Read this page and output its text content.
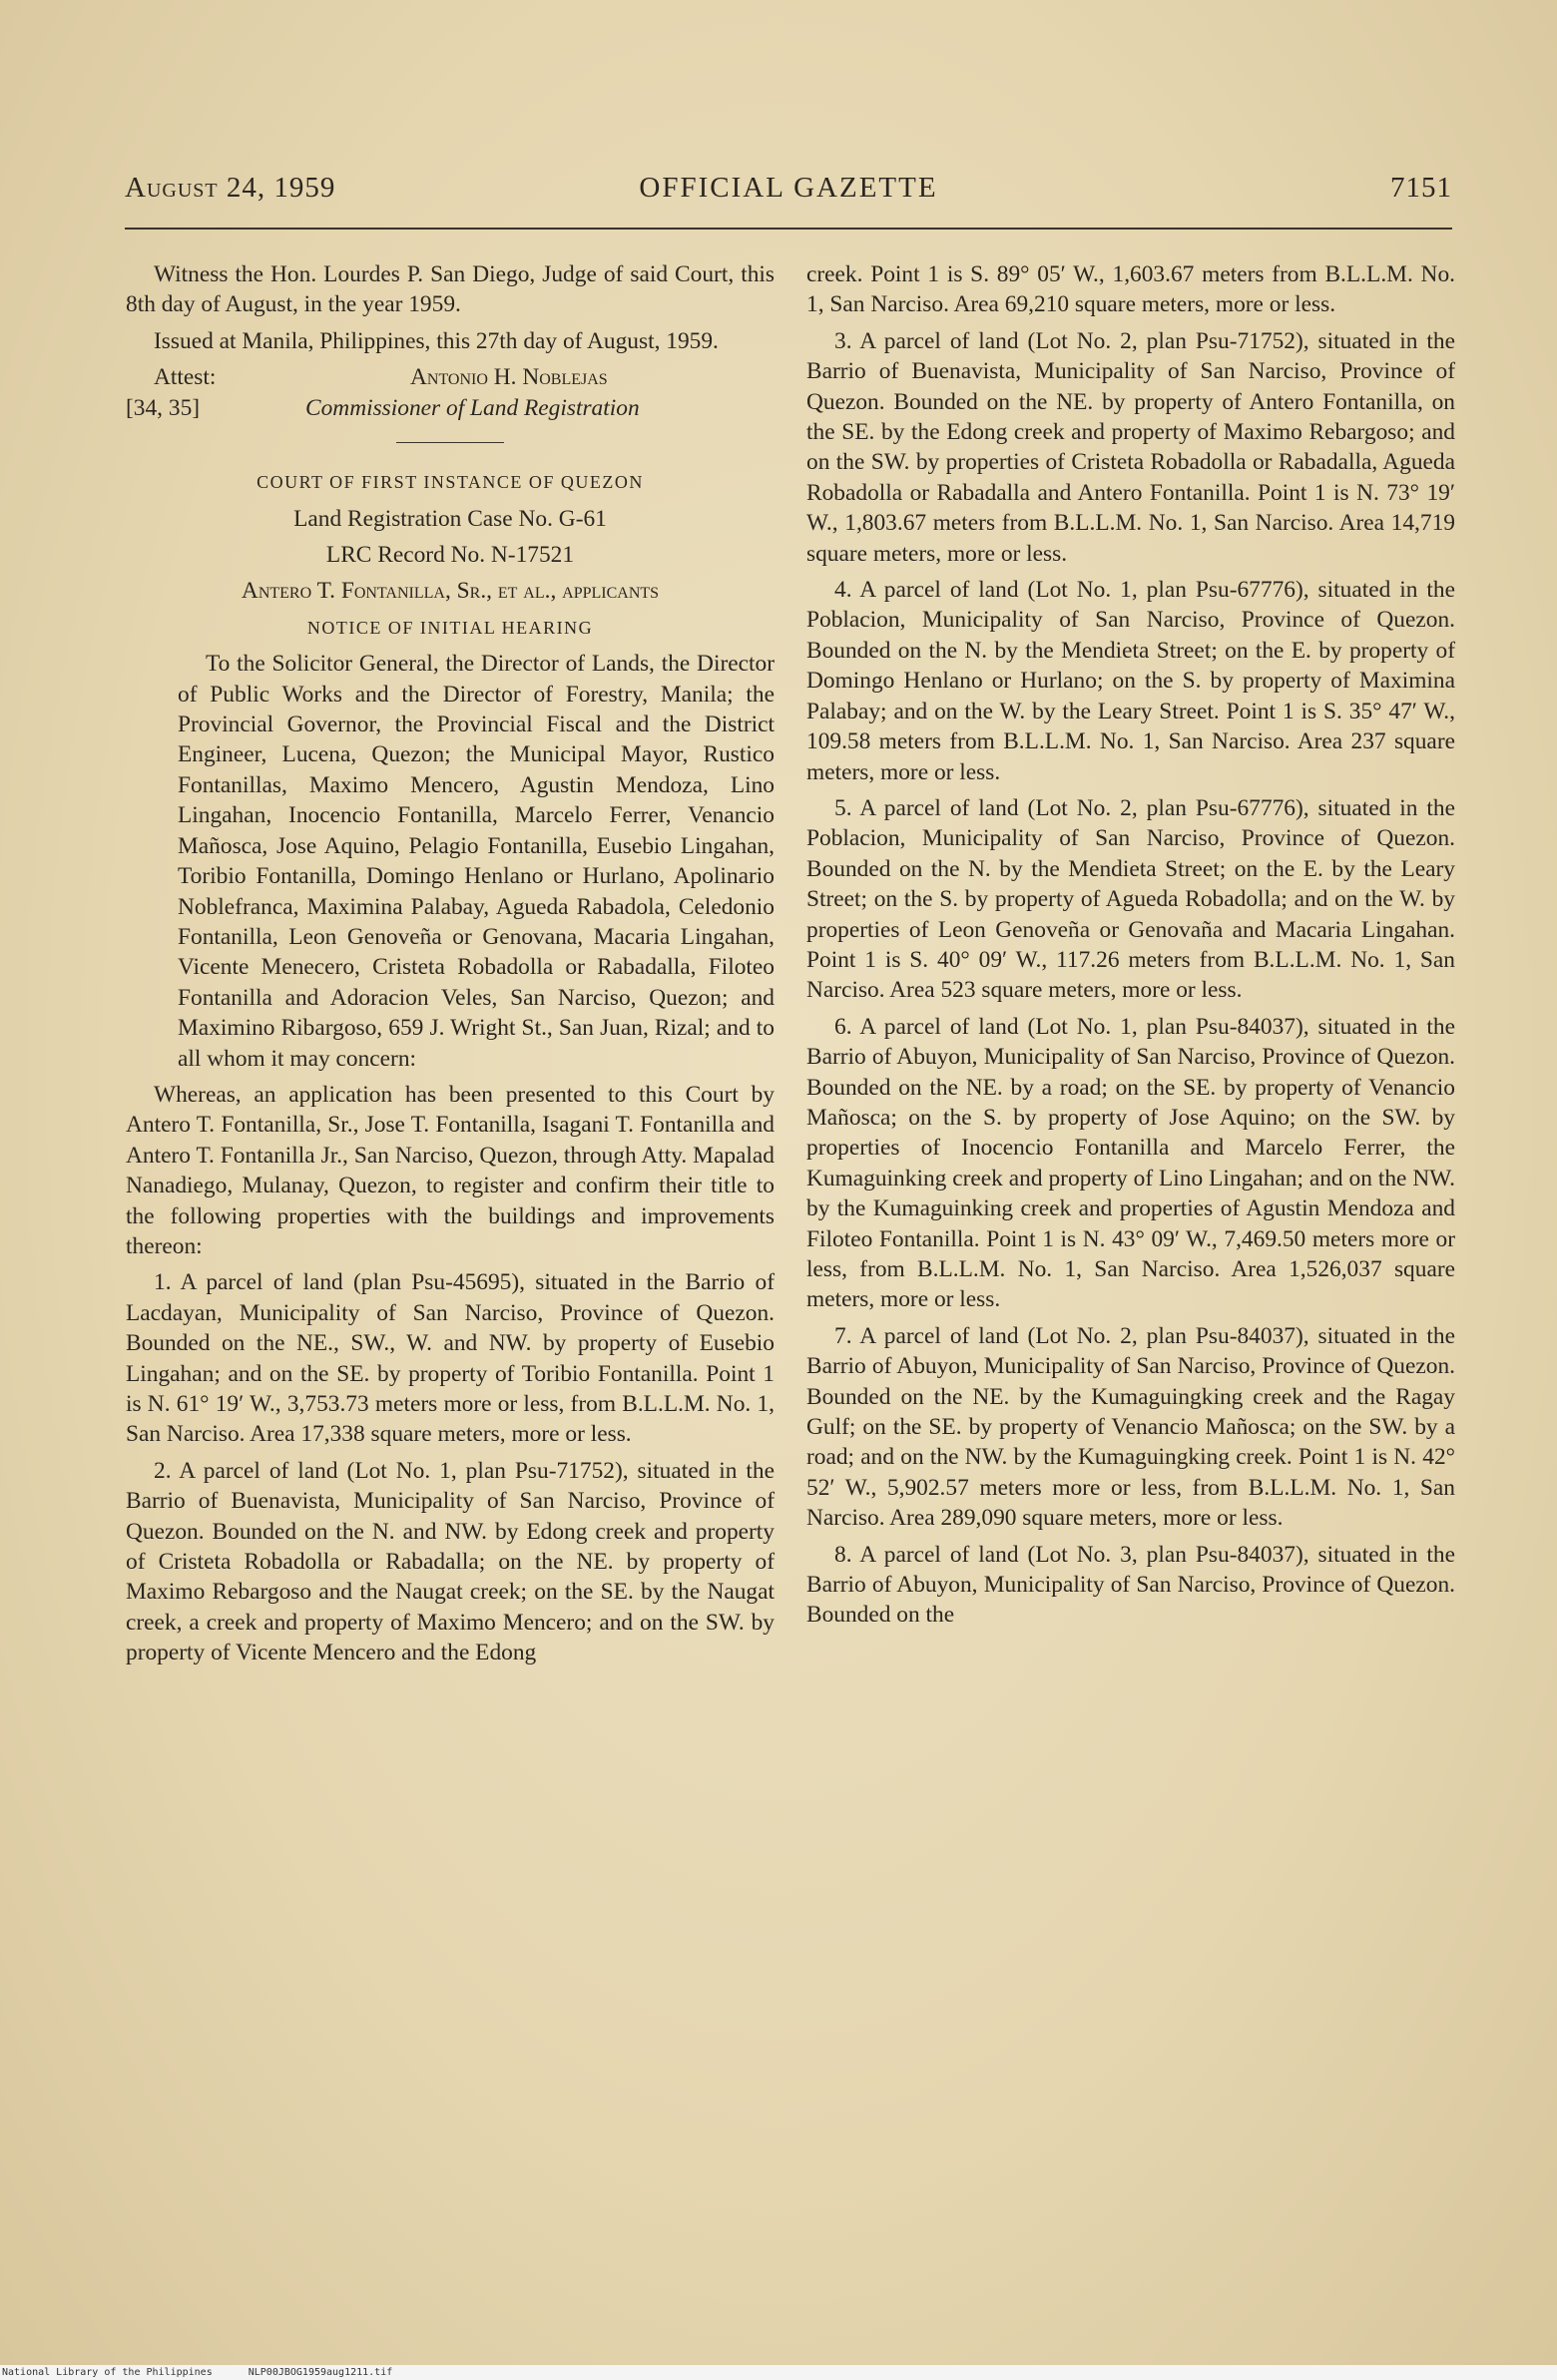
August 24, 1959	OFFICIAL GAZETTE	7151

Witness the Hon. Lourdes P. San Diego, Judge of said Court, this 8th day of August, in the year 1959.

Issued at Manila, Philippines, this 27th day of August, 1959.

Attest:
[34, 35]
Antonio H. Noblejas
Commissioner of Land Registration

COURT OF FIRST INSTANCE OF QUEZON

Land Registration Case No. G-61

LRC Record No. N-17521

Antero T. Fontanilla, Sr., et al., applicants

NOTICE OF INITIAL HEARING

To the Solicitor General, the Director of Lands, the Director of Public Works and the Director of Forestry, Manila; the Provincial Governor, the Provincial Fiscal and the District Engineer, Lucena, Quezon; the Municipal Mayor, Rustico Fontanillas, Maximo Mencero, Agustin Mendoza, Lino Lingahan, Inocencio Fontanilla, Marcelo Ferrer, Venancio Mañosca, Jose Aquino, Pelagio Fontanilla, Eusebio Lingahan, Toribio Fontanilla, Domingo Henlano or Hurlano, Apolinario Noblefranca, Maximina Palabay, Agueda Rabadola, Celedonio Fontanilla, Leon Genoveña or Genovana, Macaria Lingahan, Vicente Menecero, Cristeta Robadolla or Rabadalla, Filoteo Fontanilla and Adoracion Veles, San Narciso, Quezon; and Maximino Ribargoso, 659 J. Wright St., San Juan, Rizal; and to all whom it may concern:

Whereas, an application has been presented to this Court by Antero T. Fontanilla, Sr., Jose T. Fontanilla, Isagani T. Fontanilla and Antero T. Fontanilla Jr., San Narciso, Quezon, through Atty. Mapalad Nanadiego, Mulanay, Quezon, to register and confirm their title to the following properties with the buildings and improvements thereon:

1. A parcel of land (plan Psu-45695), situated in the Barrio of Lacdayan, Municipality of San Narciso, Province of Quezon. Bounded on the NE., SW., W. and NW. by property of Eusebio Lingahan; and on the SE. by property of Toribio Fontanilla. Point 1 is N. 61° 19′ W., 3,753.73 meters more or less, from B.L.L.M. No. 1, San Narciso. Area 17,338 square meters, more or less.

2. A parcel of land (Lot No. 1, plan Psu-71752), situated in the Barrio of Buenavista, Municipality of San Narciso, Province of Quezon. Bounded on the N. and NW. by Edong creek and property of Cristeta Robadolla or Rabadalla; on the NE. by property of Maximo Rebargoso and the Naugat creek; on the SE. by the Naugat creek, a creek and property of Maximo Mencero; and on the SW. by property of Vicente Mencero and the Edong

creek. Point 1 is S. 89° 05′ W., 1,603.67 meters from B.L.L.M. No. 1, San Narciso. Area 69,210 square meters, more or less.

3. A parcel of land (Lot No. 2, plan Psu-71752), situated in the Barrio of Buenavista, Municipality of San Narciso, Province of Quezon. Bounded on the NE. by property of Antero Fontanilla, on the SE. by the Edong creek and property of Maximo Rebargoso; and on the SW. by properties of Cristeta Robadolla or Rabadalla, Agueda Robadolla or Rabadalla and Antero Fontanilla. Point 1 is N. 73° 19′ W., 1,803.67 meters from B.L.L.M. No. 1, San Narciso. Area 14,719 square meters, more or less.

4. A parcel of land (Lot No. 1, plan Psu-67776), situated in the Poblacion, Municipality of San Narciso, Province of Quezon. Bounded on the N. by the Mendieta Street; on the E. by property of Domingo Henlano or Hurlano; on the S. by property of Maximina Palabay; and on the W. by the Leary Street. Point 1 is S. 35° 47′ W., 109.58 meters from B.L.L.M. No. 1, San Narciso. Area 237 square meters, more or less.

5. A parcel of land (Lot No. 2, plan Psu-67776), situated in the Poblacion, Municipality of San Narciso, Province of Quezon. Bounded on the N. by the Mendieta Street; on the E. by the Leary Street; on the S. by property of Agueda Robadolla; and on the W. by properties of Leon Genoveña or Genovaña and Macaria Lingahan. Point 1 is S. 40° 09′ W., 117.26 meters from B.L.L.M. No. 1, San Narciso. Area 523 square meters, more or less.

6. A parcel of land (Lot No. 1, plan Psu-84037), situated in the Barrio of Abuyon, Municipality of San Narciso, Province of Quezon. Bounded on the NE. by a road; on the SE. by property of Venancio Mañosca; on the S. by property of Jose Aquino; on the SW. by properties of Inocencio Fontanilla and Marcelo Ferrer, the Kumaguinking creek and property of Lino Lingahan; and on the NW. by the Kumaguinking creek and properties of Agustin Mendoza and Filoteo Fontanilla. Point 1 is N. 43° 09′ W., 7,469.50 meters more or less, from B.L.L.M. No. 1, San Narciso. Area 1,526,037 square meters, more or less.

7. A parcel of land (Lot No. 2, plan Psu-84037), situated in the Barrio of Abuyon, Municipality of San Narciso, Province of Quezon. Bounded on the NE. by the Kumaguingking creek and the Ragay Gulf; on the SE. by property of Venancio Mañosca; on the SW. by a road; and on the NW. by the Kumaguingking creek. Point 1 is N. 42° 52′ W., 5,902.57 meters more or less, from B.L.L.M. No. 1, San Narciso. Area 289,090 square meters, more or less.

8. A parcel of land (Lot No. 3, plan Psu-84037), situated in the Barrio of Abuyon, Municipality of San Narciso, Province of Quezon. Bounded on the

National Library of the Philippines	NLP00JBOG1959aug1211.tif
